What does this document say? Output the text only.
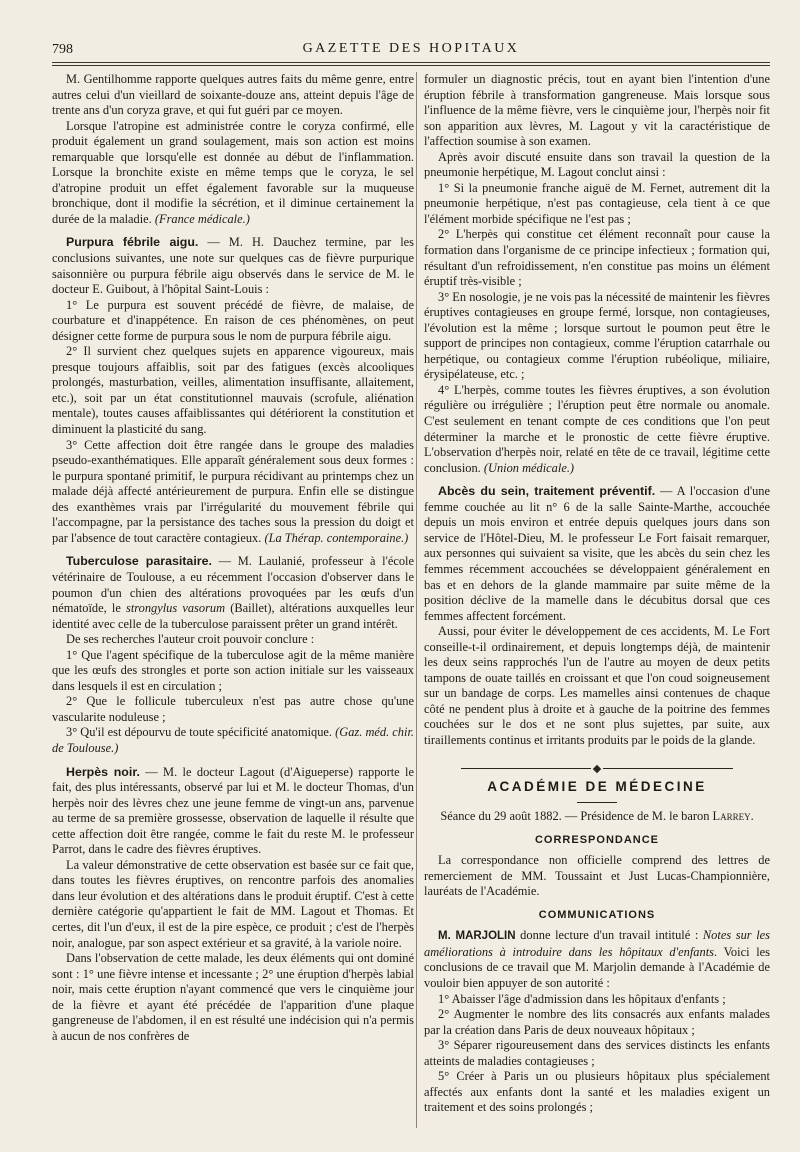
798	GAZETTE DES HOPITAUX

M. Gentilhomme rapporte quelques autres faits du même genre, entre autres celui d'un vieillard de soixante-douze ans, atteint depuis l'âge de trente ans d'un coryza grave, et qui fut guéri par ce moyen.

Lorsque l'atropine est administrée contre le coryza confirmé, elle produit également un grand soulagement, mais son action est moins remarquable que lorsqu'elle est donnée au début de l'inflammation. Lorsque la bronchite existe en même temps que le coryza, le sel d'atropine produit un effet également favorable sur la muqueuse bronchique, dont il modifie la sécrétion, et il diminue certainement la durée de la maladie. (France médicale.)

Purpura fébrile aigu. — M. H. Dauchez termine, par les conclusions suivantes, une note sur quelques cas de fièvre purpurique saisonnière ou purpura fébrile aigu observés dans le service de M. le docteur E. Guibout, à l'hôpital Saint-Louis :

1° Le purpura est souvent précédé de fièvre, de malaise, de courbature et d'inappétence. En raison de ces phénomènes, on peut désigner cette forme de purpura sous le nom de purpura fébrile aigu.

2° Il survient chez quelques sujets en apparence vigoureux, mais presque toujours affaiblis, soit par des fatigues (excès alcooliques prolongés, masturbation, veilles, alimentation insuffisante, allaitement, etc.), soit par un état constitutionnel mauvais (scrofule, aliénation mentale), toutes causes affaiblissantes qui détériorent la constitution et diminuent la plasticité du sang.

3° Cette affection doit être rangée dans le groupe des maladies pseudo-exanthématiques. Elle apparaît généralement sous deux formes : le purpura spontané primitif, le purpura récidivant au printemps chez un malade déjà affecté antérieurement de purpura. Enfin elle se distingue des exanthèmes vrais par l'irrégularité du mouvement fébrile qui l'accompagne, par la persistance des taches sous la pression du doigt et par l'absence de tout caractère contagieux. (La Thérap. contemporaine.)

Tuberculose parasitaire. — M. Laulanié, professeur à l'école vétérinaire de Toulouse, a eu récemment l'occasion d'observer dans le poumon d'un chien des altérations provoquées par les œufs d'un nématoïde, le strongylus vasorum (Baillet), altérations auxquelles leur identité avec celle de la tuberculose paraissent prêter un grand intérêt.

De ses recherches l'auteur croit pouvoir conclure :

1° Que l'agent spécifique de la tuberculose agit de la même manière que les œufs des strongles et porte son action initiale sur les vaisseaux dans lesquels il est en circulation ;

2° Que le follicule tuberculeux n'est pas autre chose qu'une vascularite noduleuse ;

3° Qu'il est dépourvu de toute spécificité anatomique. (Gaz. méd. chir. de Toulouse.)

Herpès noir. — M. le docteur Lagout (d'Aigueperse) rapporte le fait, des plus intéressants, observé par lui et M. le docteur Thomas, d'un herpès noir des lèvres chez une jeune femme de vingt-un ans, parvenue au terme de sa première grossesse, observation de laquelle il résulte que cette affection doit être rangée, comme le fait du reste M. le professeur Parrot, dans le cadre des fièvres éruptives.

La valeur démonstrative de cette observation est basée sur ce fait que, dans toutes les fièvres éruptives, on rencontre parfois des anomalies dans leur évolution et des altérations dans le produit éruptif. C'est à cette dernière catégorie qu'appartient le fait de MM. Lagout et Thomas. Et certes, dit l'un d'eux, il est de la pire espèce, ce produit ; c'est de l'herpès noir, analogue, par son aspect extérieur et sa gravité, à la variole noire.

Dans l'observation de cette malade, les deux éléments qui ont dominé sont : 1° une fièvre intense et incessante ; 2° une éruption d'herpès labial noir, mais cette éruption n'ayant commencé que vers le cinquième jour de la fièvre et ayant été précédée de l'apparition d'une plaque gangreneuse de l'abdomen, il en est résulté une indécision qui n'a permis à aucun de nos confrères de

formuler un diagnostic précis, tout en ayant bien l'intention d'une éruption fébrile à transformation gangreneuse. Mais lorsque sous l'influence de la même fièvre, vers le cinquième jour, l'herpès noir fit son apparition aux lèvres, M. Lagout y vit la caractéristique de l'affection soumise à son examen.

Après avoir discuté ensuite dans son travail la question de la pneumonie herpétique, M. Lagout conclut ainsi :

1° Si la pneumonie franche aiguë de M. Fernet, autrement dit la pneumonie herpétique, n'est pas contagieuse, cela tient à ce que l'élément morbide spécifique ne l'est pas ;

2° L'herpès qui constitue cet élément reconnaît pour cause la formation dans l'organisme de ce principe infectieux ; formation qui, résultant d'un refroidissement, n'en constitue pas moins un élément éruptif très-visible ;

3° En nosologie, je ne vois pas la nécessité de maintenir les fièvres éruptives contagieuses en groupe fermé, lorsque, non contagieuses, l'évolution est la même ; lorsque surtout le poumon peut être le support de principes non contagieux, comme l'éruption catarrhale ou herpétique, ou contagieux comme l'éruption rubéolique, miliaire, érysipélateuse, etc. ;

4° L'herpès, comme toutes les fièvres éruptives, a son évolution régulière ou irrégulière ; l'éruption peut être normale ou anomale. C'est seulement en tenant compte de ces conditions que l'on peut déterminer la marche et le pronostic de cette fièvre éruptive. L'observation d'herpès noir, relaté en tête de ce travail, légitime cette conclusion. (Union médicale.)

Abcès du sein, traitement préventif. — A l'occasion d'une femme couchée au lit n° 6 de la salle Sainte-Marthe, accouchée depuis un mois environ et entrée depuis quelques jours dans son service de l'Hôtel-Dieu, M. le professeur Le Fort faisait remarquer, aux personnes qui suivaient sa visite, que les abcès du sein chez les femmes récemment accouchées se développaient généralement en bas et en dehors de la glande mammaire par suite même de la position déclive de la mamelle dans le décubitus dorsal que ces femmes affectent forcément.

Aussi, pour éviter le développement de ces accidents, M. Le Fort conseille-t-il ordinairement, et depuis longtemps déjà, de maintenir les deux seins rapprochés l'un de l'autre au moyen de deux petits tampons de ouate taillés en croissant et que l'on coud soigneusement sur un bandage de corps. Les mamelles ainsi contenues de chaque côté ne pendent plus à droite et à gauche de la poitrine des femmes couchées sur le dos et ne sont plus sujettes, par suite, aux tiraillements continus et irritants produits par le poids de la glande.

ACADÉMIE DE MÉDECINE

Séance du 29 août 1882. — Présidence de M. le baron Larrey.

CORRESPONDANCE

La correspondance non officielle comprend des lettres de remerciement de MM. Toussaint et Just Lucas-Championnière, lauréats de l'Académie.

COMMUNICATIONS

M. MARJOLIN donne lecture d'un travail intitulé : Notes sur les améliorations à introduire dans les hôpitaux d'enfants. Voici les conclusions de ce travail que M. Marjolin demande à l'Académie de vouloir bien appuyer de son autorité :

1° Abaisser l'âge d'admission dans les hôpitaux d'enfants ;

2° Augmenter le nombre des lits consacrés aux enfants malades par la création dans Paris de deux nouveaux hôpitaux ;

3° Séparer rigoureusement dans des services distincts les enfants atteints de maladies contagieuses ;

5° Créer à Paris un ou plusieurs hôpitaux plus spécialement affectés aux enfants dont la santé et les maladies exigent un traitement et des soins prolongés ;
